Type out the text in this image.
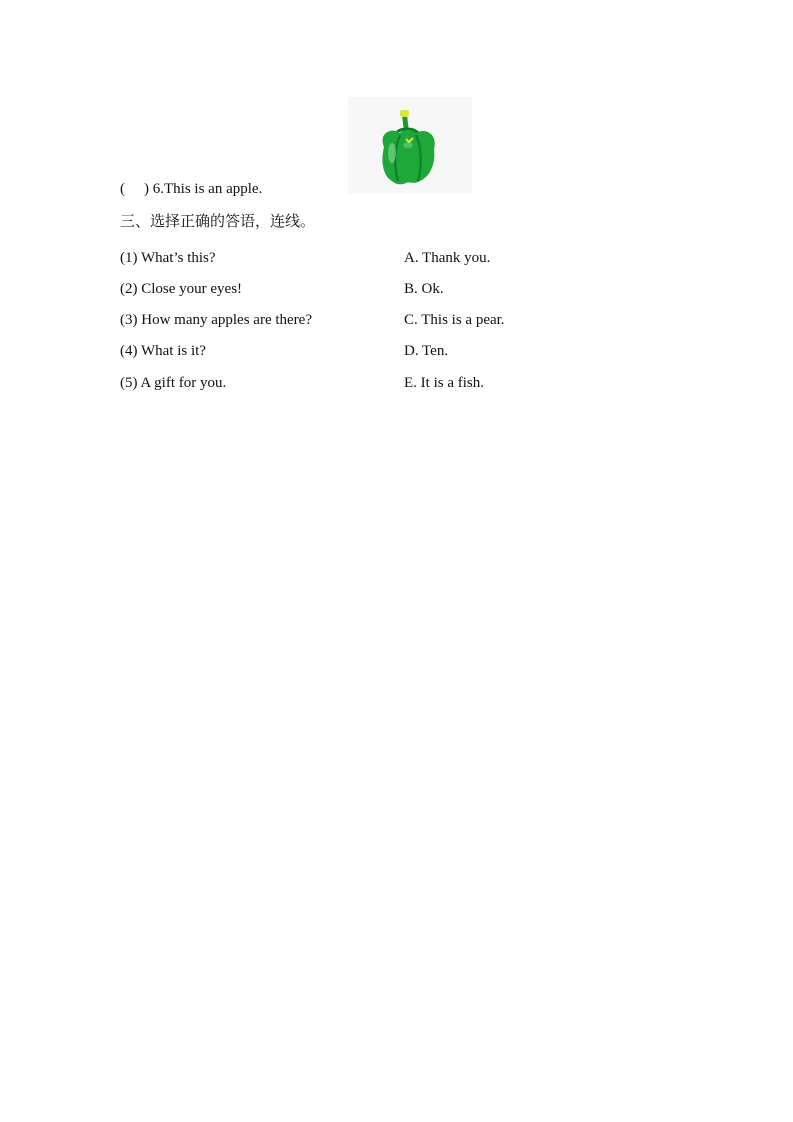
( ) 6.This is an apple.
三、选择正确的答语，连线。
(1) What’s this?
(2) Close your eyes!
(3) How many apples are there?
(4) What is it?
(5) A gift for you.
A. Thank you.
B. Ok.
C. This is a pear.
D. Ten.
E. It is a fish.
